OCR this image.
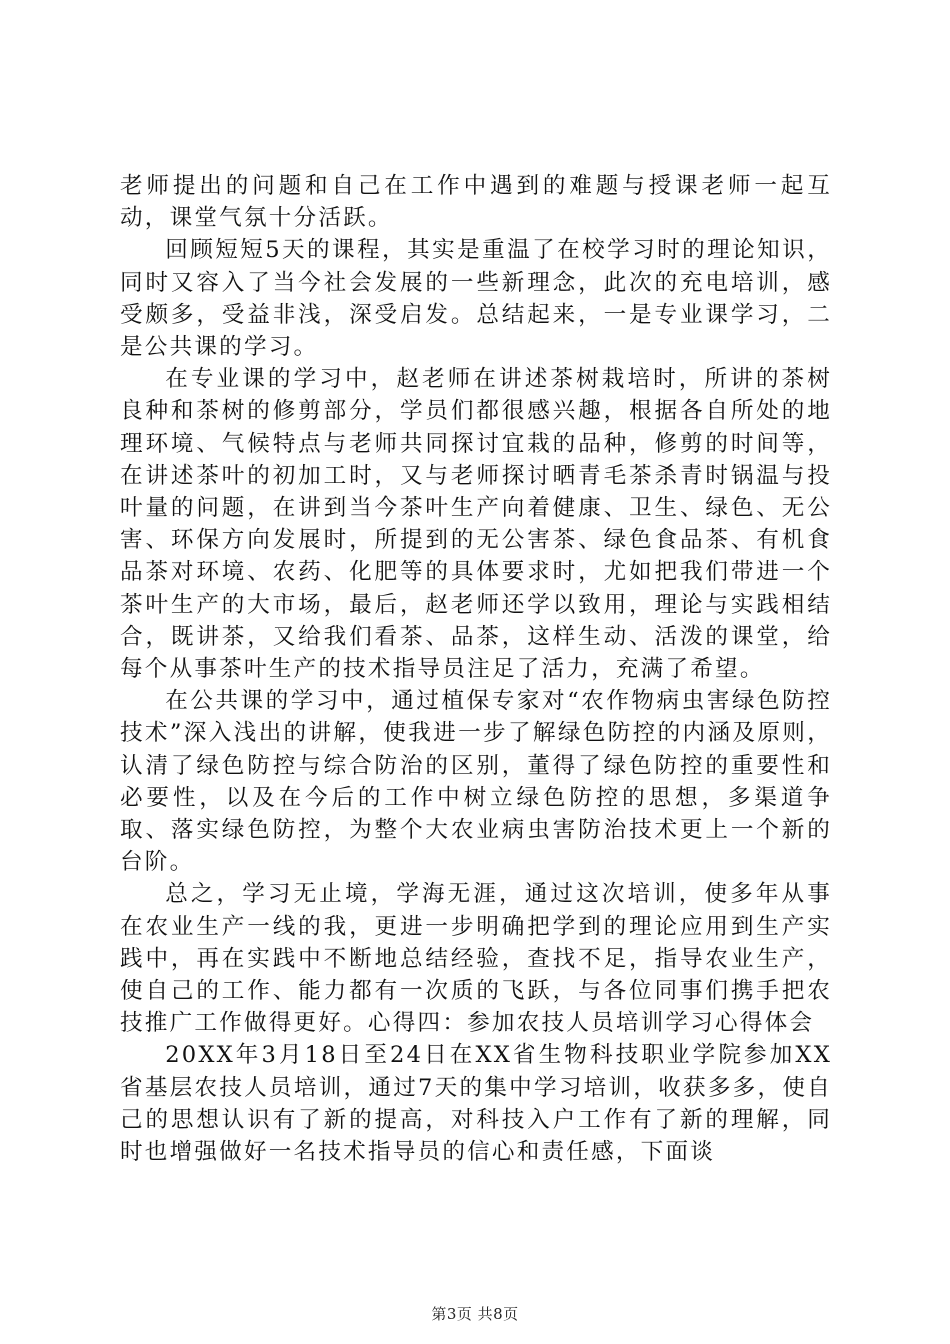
老师提出的问题和自己在工作中遇到的难题与授课老师一起互动，课堂气氛十分活跃。

回顾短短5天的课程，其实是重温了在校学习时的理论知识，同时又容入了当今社会发展的一些新理念，此次的充电培训，感受颇多，受益非浅，深受启发。总结起来，一是专业课学习，二是公共课的学习。

在专业课的学习中，赵老师在讲述茶树栽培时，所讲的茶树良种和茶树的修剪部分，学员们都很感兴趣，根据各自所处的地理环境、气候特点与老师共同探讨宜栽的品种，修剪的时间等，在讲述茶叶的初加工时，又与老师探讨晒青毛茶杀青时锅温与投叶量的问题，在讲到当今茶叶生产向着健康、卫生、绿色、无公害、环保方向发展时，所提到的无公害茶、绿色食品茶、有机食品茶对环境、农药、化肥等的具体要求时，尤如把我们带进一个茶叶生产的大市场，最后，赵老师还学以致用，理论与实践相结合，既讲茶，又给我们看茶、品茶，这样生动、活泼的课堂，给每个从事茶叶生产的技术指导员注足了活力，充满了希望。

在公共课的学习中，通过植保专家对“农作物病虫害绿色防控技术”深入浅出的讲解，使我进一步了解绿色防控的内涵及原则，认清了绿色防控与综合防治的区别，董得了绿色防控的重要性和必要性，以及在今后的工作中树立绿色防控的思想，多渠道争取、落实绿色防控，为整个大农业病虫害防治技术更上一个新的台阶。

总之，学习无止境，学海无涯，通过这次培训，使多年从事在农业生产一线的我，更进一步明确把学到的理论应用到生产实践中，再在实践中不断地总结经验，查找不足，指导农业生产，使自己的工作、能力都有一次质的飞跃，与各位同事们携手把农技推广工作做得更好。心得四：参加农技人员培训学习心得体会

20XX年3月18日至24日在XX省生物科技职业学院参加XX省基层农技人员培训，通过7天的集中学习培训，收获多多，使自己的思想认识有了新的提高，对科技入户工作有了新的理解，同时也增强做好一名技术指导员的信心和责任感，下面谈

第3页 共8页
